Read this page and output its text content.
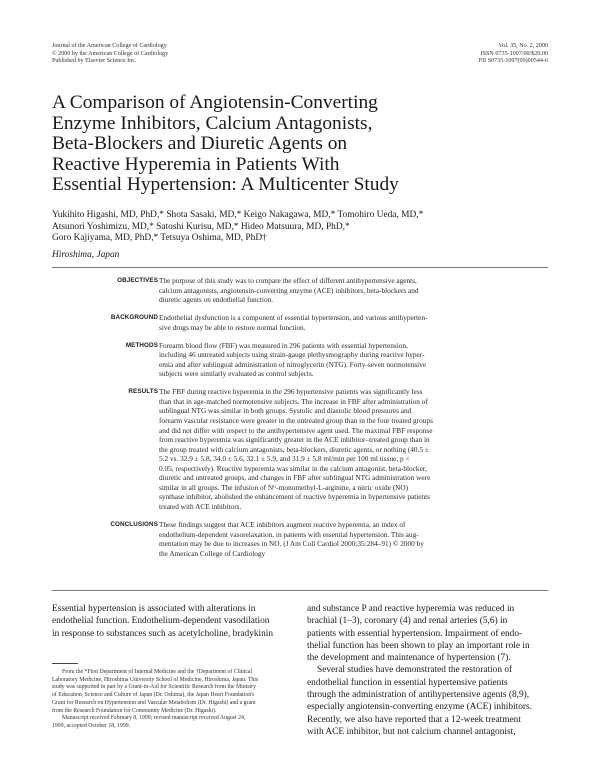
Journal of the American College of Cardiology
© 2000 by the American College of Cardiology
Published by Elsevier Science Inc.
Vol. 35, No. 2, 2000
ISSN 0735-1097/00/$20.00
PII S0735-1097(99)00544-6
A Comparison of Angiotensin-Converting
Enzyme Inhibitors, Calcium Antagonists,
Beta-Blockers and Diuretic Agents on
Reactive Hyperemia in Patients With
Essential Hypertension: A Multicenter Study
Yukihito Higashi, MD, PhD,* Shota Sasaki, MD,* Keigo Nakagawa, MD,* Tomohiro Ueda, MD,*
Atsunori Yoshimizu, MD,* Satoshi Kurisu, MD,* Hideo Matsuura, MD, PhD,*
Goro Kajiyama, MD, PhD,* Tetsuya Oshima, MD, PhD†
Hiroshima, Japan
OBJECTIVES The purpose of this study was to compare the effect of different antihypertensive agents,
calcium antagonists, angiotensin-converting enzyme (ACE) inhibitors, beta-blockers and
diuretic agents on endothelial function.
BACKGROUND Endothelial dysfunction is a component of essential hypertension, and various antihyperten-
sive drugs may be able to restore normal function.
METHODS Forearm blood flow (FBF) was measured in 296 patients with essential hypertension,
including 46 untreated subjects using strain-gauge plethysmography during reactive hyper-
emia and after sublingual administration of nitroglycerin (NTG). Forty-seven normotensive
subjects were similarly evaluated as control subjects.
RESULTS The FBF during reactive hyperemia in the 296 hypertensive patients was significantly less
than that in age-matched normotensive subjects. The increase in FBF after administration of
sublingual NTG was similar in both groups. Systolic and diastolic blood pressures and
forearm vascular resistance were greater in the untreated group than in the four treated groups
and did not differ with respect to the antihypertensive agent used. The maximal FBF response
from reactive hyperemia was significantly greater in the ACE inhibitor–treated group than in
the group treated with calcium antagonists, beta-blockers, diuretic agents, or nothing (40.5 ±
5.2 vs. 32.9 ± 5.8, 34.0 ± 5.6, 32.1 ± 5.9, and 31.9 ± 5.8 ml/min per 100 ml tissue, p <
0.05, respectively). Reactive hyperemia was similar in the calcium antagonist, beta-blocker,
diuretic and untreated groups, and changes in FBF after sublingual NTG administration were
similar in all groups. The infusion of Nᴳ-monomethyl-L-arginine, a nitric oxide (NO)
synthase inhibitor, abolished the enhancement of reactive hyperemia in hypertensive patients
treated with ACE inhibitors.
CONCLUSIONS These findings suggest that ACE inhibitors augment reactive hyperemia, an index of
endothelium-dependent vasorelaxation, in patients with essential hypertension. This aug-
mentation may be due to increases in NO. (J Am Coll Cardiol 2000;35:284–91) © 2000 by
the American College of Cardiology
Essential hypertension is associated with alterations in
endothelial function. Endothelium-dependent vasodilation
in response to substances such as acetylcholine, bradykinin
and substance P and reactive hyperemia was reduced in
brachial (1–3), coronary (4) and renal arteries (5,6) in
patients with essential hypertension. Impairment of endo-
thelial function has been shown to play an important role in
the development and maintenance of hypertension (7).
Several studies have demonstrated the restoration of
endothelial function in essential hypertensive patients
through the administration of antihypertensive agents (8,9),
especially angiotensin-converting enzyme (ACE) inhibitors.
Recently, we also have reported that a 12-week treatment
with ACE inhibitor, but not calcium channel antagonist,
From the *First Department of Internal Medicine and the †Department of Clinical
Laboratory Medicine, Hiroshima University School of Medicine, Hiroshima, Japan. This
study was supported in part by a Grant-in-Aid for Scientific Research from the Ministry
of Education, Science and Culture of Japan (Dr. Oshima), the Japan Heart Foundation's
Grant for Research on Hypertension and Vascular Metabolism (Dr. Higashi) and a grant
from the Research Foundation for Community Medicine (Dr. Higashi).
Manuscript received February 8, 1999; revised manuscript received August 24,
1999, accepted October 18, 1999.
